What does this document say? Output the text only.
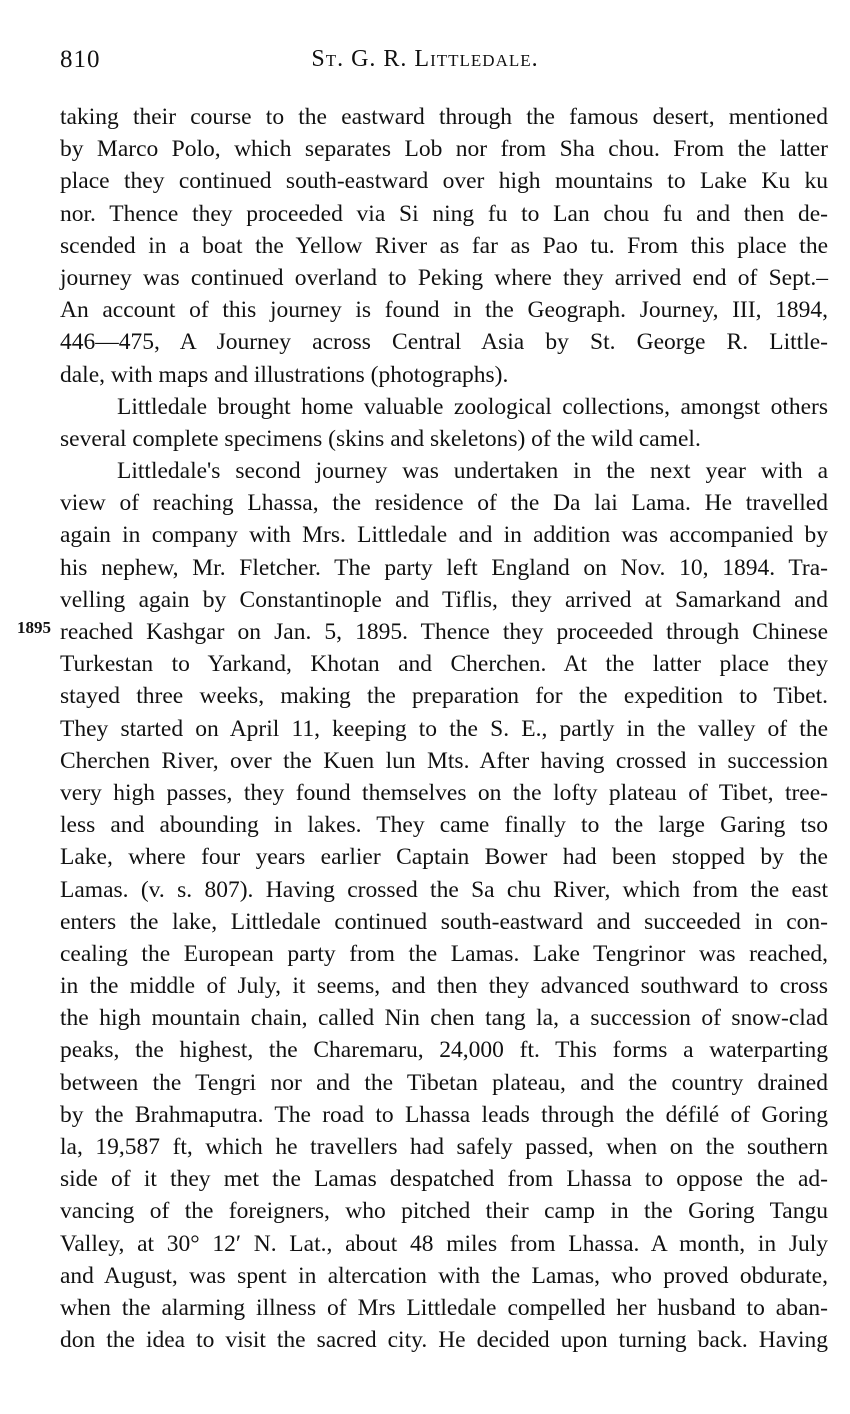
810	St. G. R. Littledale.
1895
taking their course to the eastward through the famous desert, mentioned
by Marco Polo, which separates Lob nor from Sha chou. From the latter
place they continued south-eastward over high mountains to Lake Ku ku
nor. Thence they proceeded via Si ning fu to Lan chou fu and then de-
scended in a boat the Yellow River as far as Pao tu. From this place the
journey was continued overland to Peking where they arrived end of Sept.–
An account of this journey is found in the Geograph. Journey, III, 1894,
446—475, A Journey across Central Asia by St. George R. Little-
dale, with maps and illustrations (photographs).
Littledale brought home valuable zoological collections, amongst others
several complete specimens (skins and skeletons) of the wild camel.
Littledale's second journey was undertaken in the next year with a
view of reaching Lhassa, the residence of the Da lai Lama. He travelled
again in company with Mrs. Littledale and in addition was accompanied by
his nephew, Mr. Fletcher. The party left England on Nov. 10, 1894. Tra-
velling again by Constantinople and Tiflis, they arrived at Samarkand and
reached Kashgar on Jan. 5, 1895. Thence they proceeded through Chinese
Turkestan to Yarkand, Khotan and Cherchen. At the latter place they
stayed three weeks, making the preparation for the expedition to Tibet.
They started on April 11, keeping to the S. E., partly in the valley of the
Cherchen River, over the Kuen lun Mts. After having crossed in succession
very high passes, they found themselves on the lofty plateau of Tibet, tree-
less and abounding in lakes. They came finally to the large Garing tso
Lake, where four years earlier Captain Bower had been stopped by the
Lamas. (v. s. 807). Having crossed the Sa chu River, which from the east
enters the lake, Littledale continued south-eastward and succeeded in con-
cealing the European party from the Lamas. Lake Tengrinor was reached,
in the middle of July, it seems, and then they advanced southward to cross
the high mountain chain, called Nin chen tang la, a succession of snow-clad
peaks, the highest, the Charemaru, 24,000 ft. This forms a waterparting
between the Tengri nor and the Tibetan plateau, and the country drained
by the Brahmaputra. The road to Lhassa leads through the défilé of Goring
la, 19,587 ft, which he travellers had safely passed, when on the southern
side of it they met the Lamas despatched from Lhassa to oppose the ad-
vancing of the foreigners, who pitched their camp in the Goring Tangu
Valley, at 30° 12′ N. Lat., about 48 miles from Lhassa. A month, in July
and August, was spent in altercation with the Lamas, who proved obdurate,
when the alarming illness of Mrs Littledale compelled her husband to aban-
don the idea to visit the sacred city. He decided upon turning back. Having
